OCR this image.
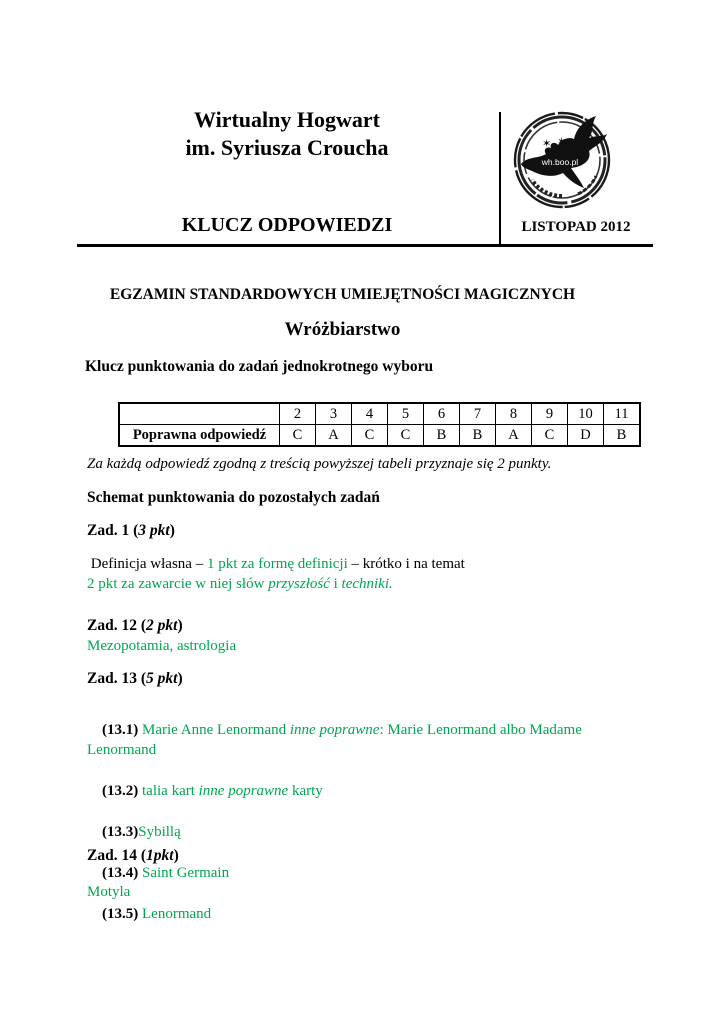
Wirtualny Hogwart
im. Syriusza Croucha
KLUCZ ODPOWIEDZI
✶ ✶
wh.boo.pl
LISTOPAD 2012
EGZAMIN STANDARDOWYCH UMIEJĘTNOŚCI MAGICZNYCH
Wróżbiarstwo
Klucz punktowania do zadań jednokrotnego wyboru
	2	3	4	5	6	7	8	9	10	11
Poprawna odpowiedź	C	A	C	C	B	B	A	C	D	B
Za każdą odpowiedź zgodną z treścią powyższej tabeli przyznaje się 2 punkty.
Schemat punktowania do pozostałych zadań
Zad. 1 (3 pkt)
Definicja własna – 1 pkt za formę definicji – krótko i na temat
2 pkt za zawarcie w niej słów przyszłość i techniki.
Zad. 12 (2 pkt)
Mezopotamia, astrologia
Zad. 13 (5 pkt)

(13.1) Marie Anne Lenormand inne poprawne: Marie Lenormand albo Madame Lenormand

(13.2) talia kart inne poprawne karty

(13.3)Sybillą

(13.4) Saint Germain

(13.5) Lenormand

Zad. 14 (1pkt)
Motyla
